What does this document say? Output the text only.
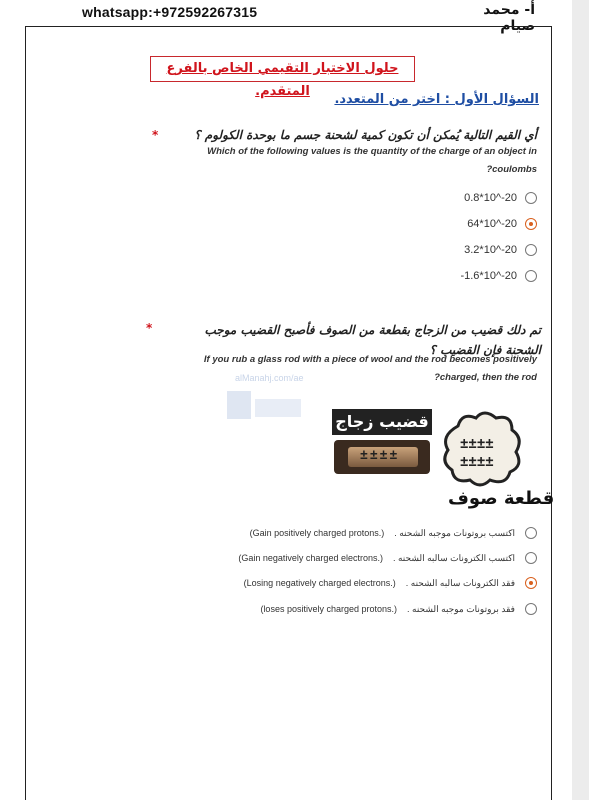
whatsapp:+972592267315	أ- محمد صيام
حلول الاختبار التقيمي الخاص بالفرع المتقدم.
السؤال الأول : اختر من المتعدد.
*	أي القيم التالية يُمكن أن تكون كمية لشحنة جسم ما بوحدة الكولوم ؟
Which of the following values is the quantity of the charge of an object in
?coulombs
0.8*10^-20
64*10^-20
3.2*10^-20
-1.6*10^-20
*	تم دلك قضيب من الزجاج بقطعة من الصوف فأصبح القضيب موجب الشحنة فإن القضيب ؟
If you rub a glass rod with a piece of wool and the rod becomes positively
?charged, then the rod
alManahj.com/ae
قضيب زجاج
±±±±
±±±±
±±±±
قطعة صوف
اكتسب بروتونات موجبه الشحنه .
(Gain positively charged protons.)
اكتسب الكترونات سالبه الشحنه .
(Gain negatively charged electrons.)
فقد الكترونات سالبه الشحنه .
(Losing negatively charged electrons.)
فقد بروتونات موجبه الشحنه .
(loses positively charged protons.)
